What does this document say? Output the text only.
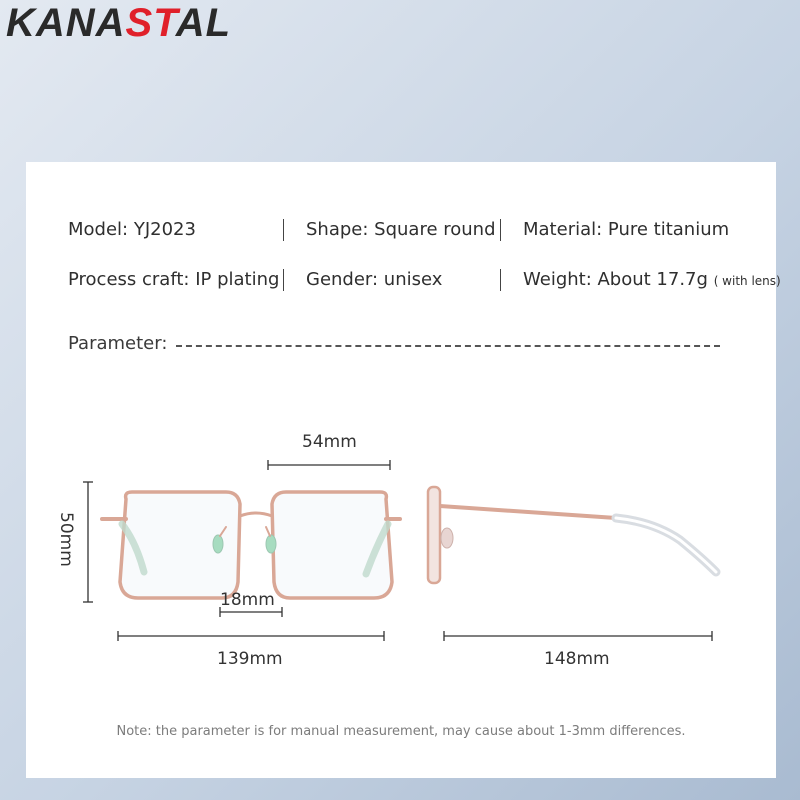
KANASTAL
Model: YJ2023	Shape: Square round Material: Pure titanium
Process craft: IP plating Gender: unisex	Weight: About 17.7g ( with lens)
Parameter:
54mm
50mm
18mm
139mm	148mm
Note: the parameter is for manual measurement, may cause about 1-3mm differences.
